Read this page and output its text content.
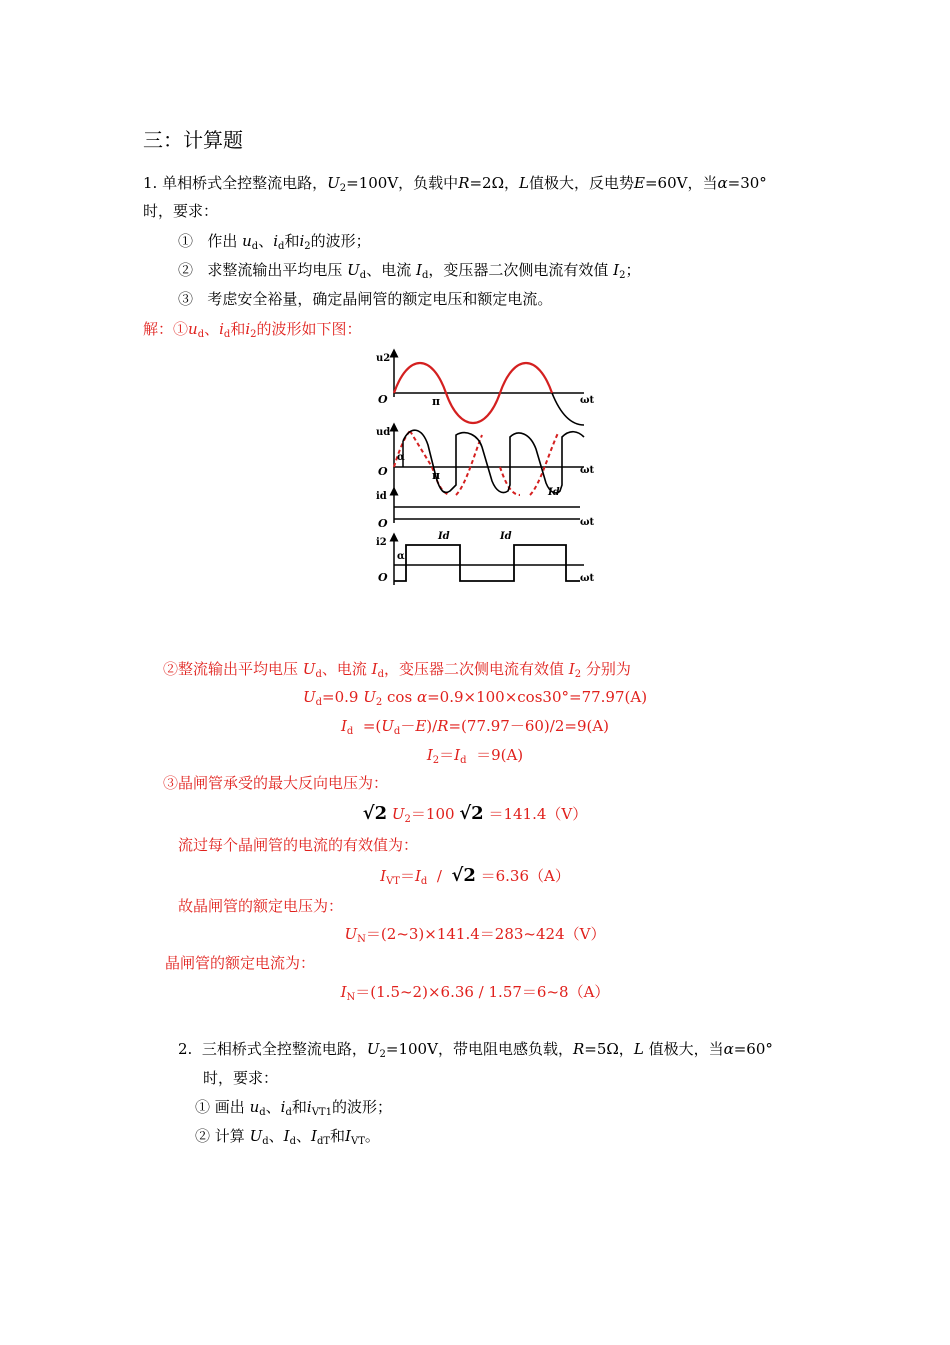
三：计算题
1. 单相桥式全控整流电路，$U_2=100V$，负载中R=2Ω，L值极大，反电势E=60V，当α=30°
时，要求：
① 作出 $u_d$、$i_d$和$i_2$的波形；
② 求整流输出平均电压 $U_d$、电流 $I_d$，变压器二次侧电流有效值 $I_2$；
③ 考虑安全裕量，确定晶闸管的额定电压和额定电流。
解：$①u_d$、$i_d$和$i_2$的波形如下图：
u2
O	π	ωt
ud
O
α
π	ωt
Id
id
O	ωt
i2
O
α
Id	Id
ωt
②整流输出平均电压 $U_d$、电流 $I_d$，变压器二次侧电流有效值 $I_2$ 分别为
$U_d=0.9$ $U_2$ cos α=0.9×100×cos30°=77.97(A)
$I_d =(U_d-E)/R=(77.97-60)/2=9(A)$
$I_2=I_d =9(A)$
③晶闸管承受的最大反向电压为：
√2 $U_2=100$ √2 ＝141.4（V）
流过每个晶闸管的电流的有效值为：
$I_{VT}=I_d / √2 =6.36(A)$
故晶闸管的额定电压为：
$U_N=(2\sim 3)\times 141.4=283\sim 424(V)$
晶闸管的额定电流为：
$I_N=(1.5\sim 2)\times 6.36$ / 1.57＝6~8（A）
2. 三相桥式全控整流电路，$U_2=100V$，带电阻电感负载，R=5Ω，L 值极大，当α=60°
时，要求：
① 画出 $u_d$、$i_d$和$i_{VT1}$的波形；
② 计算 $U_d$、$I_d$、$I_{dT}$和$I_{VT}$。
